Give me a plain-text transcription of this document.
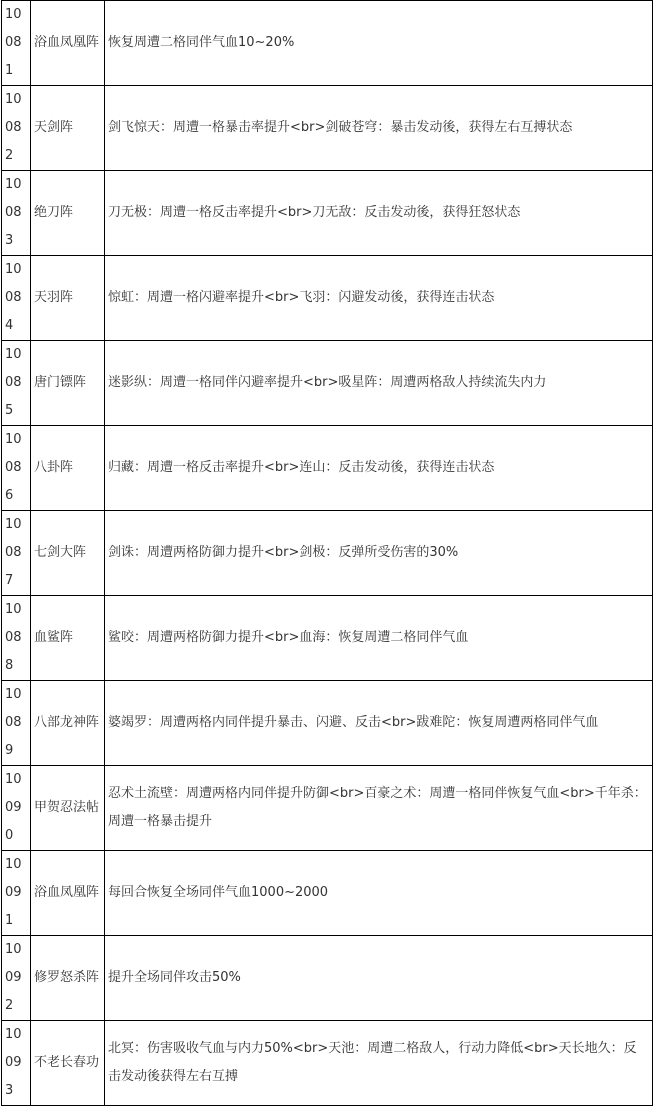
10081	浴血凤凰阵	恢复周遭二格同伴气血10~20%
10082	天剑阵	剑飞惊天：周遭一格暴击率提升<br>剑破苍穹：暴击发动後，获得左右互搏状态
10083	绝刀阵	刀无极：周遭一格反击率提升<br>刀无敌：反击发动後，获得狂怒状态
10084	天羽阵	惊虹：周遭一格闪避率提升<br>飞羽：闪避发动後，获得连击状态
10085	唐门镖阵	迷影纵：周遭一格同伴闪避率提升<br>吸星阵：周遭两格敌人持续流失内力
10086	八卦阵	归藏：周遭一格反击率提升<br>连山：反击发动後，获得连击状态
10087	七剑大阵	剑诛：周遭两格防御力提升<br>剑极：反弹所受伤害的30%
10088	血鲨阵	鲨咬：周遭两格防御力提升<br>血海：恢复周遭二格同伴气血
10089	八部龙神阵	婆竭罗：周遭两格内同伴提升暴击、闪避、反击<br>跋难陀：恢复周遭两格同伴气血
10090	甲贺忍法帖	忍术土流壁：周遭两格内同伴提升防御<br>百豪之术：周遭一格同伴恢复气血<br>千年杀：周遭一格暴击提升
10091	浴血凤凰阵	每回合恢复全场同伴气血1000~2000
10092	修罗怒杀阵	提升全场同伴攻击50%
10093	不老长春功	北冥：伤害吸收气血与内力50%<br>天池：周遭二格敌人，行动力降低<br>天长地久：反击发动後获得左右互搏
